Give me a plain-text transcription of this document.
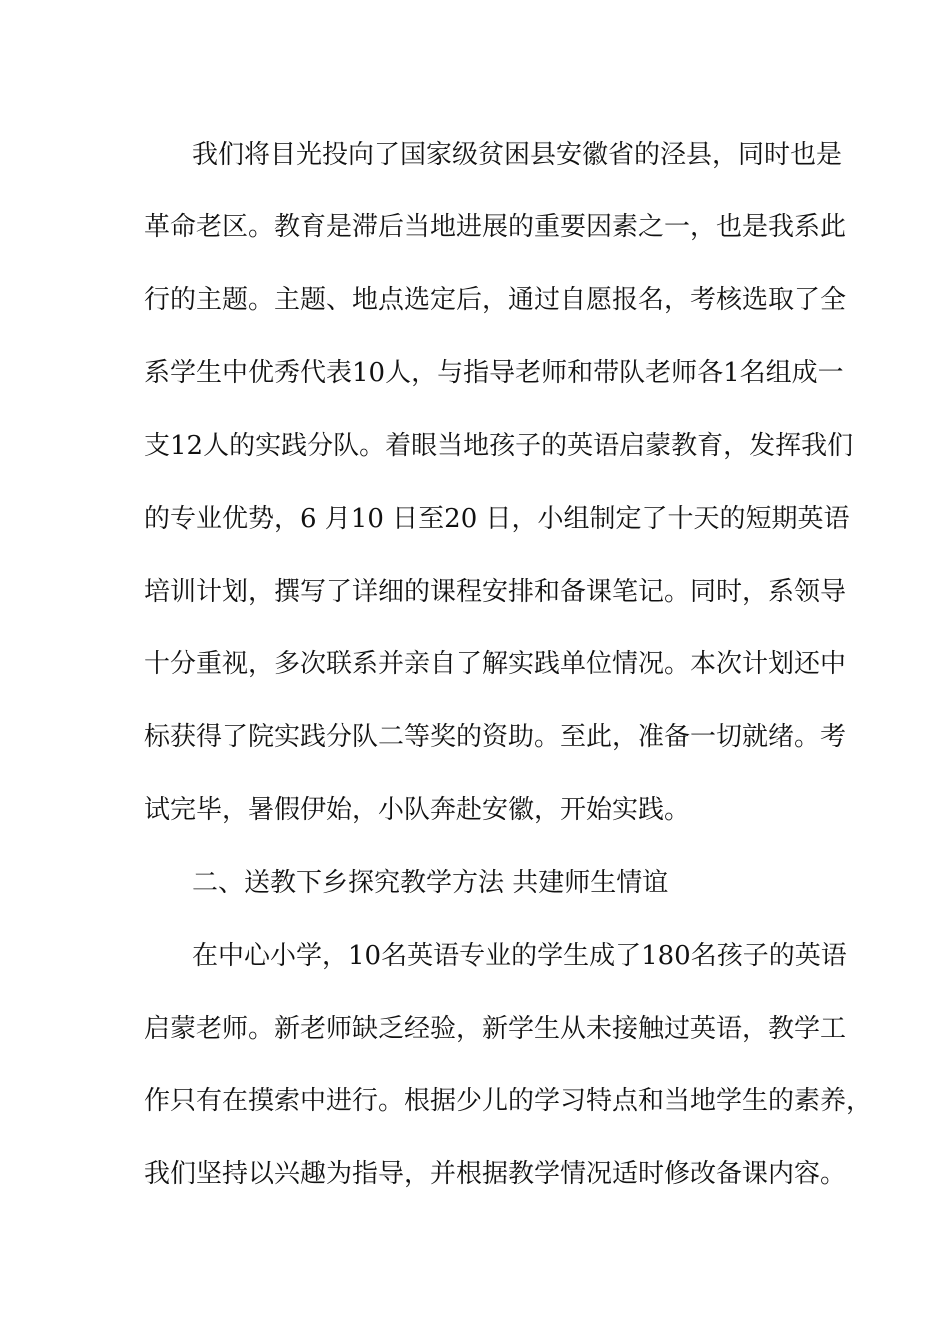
我们将目光投向了国家级贫困县安徽省的泾县，同时也是
革命老区。教育是滞后当地进展的重要因素之一，也是我系此
行的主题。主题、地点选定后，通过自愿报名，考核选取了全
系学生中优秀代表10人，与指导老师和带队老师各1名组成一
支12人的实践分队。着眼当地孩子的英语启蒙教育，发挥我们
的专业优势，6 月10 日至20 日，小组制定了十天的短期英语
培训计划，撰写了详细的课程安排和备课笔记。同时，系领导
十分重视，多次联系并亲自了解实践单位情况。本次计划还中
标获得了院实践分队二等奖的资助。至此，准备一切就绪。考
试完毕，暑假伊始，小队奔赴安徽，开始实践。
二、送教下乡探究教学方法 共建师生情谊
在中心小学，10名英语专业的学生成了180名孩子的英语
启蒙老师。新老师缺乏经验，新学生从未接触过英语，教学工
作只有在摸索中进行。根据少儿的学习特点和当地学生的素养，
我们坚持以兴趣为指导，并根据教学情况适时修改备课内容。
